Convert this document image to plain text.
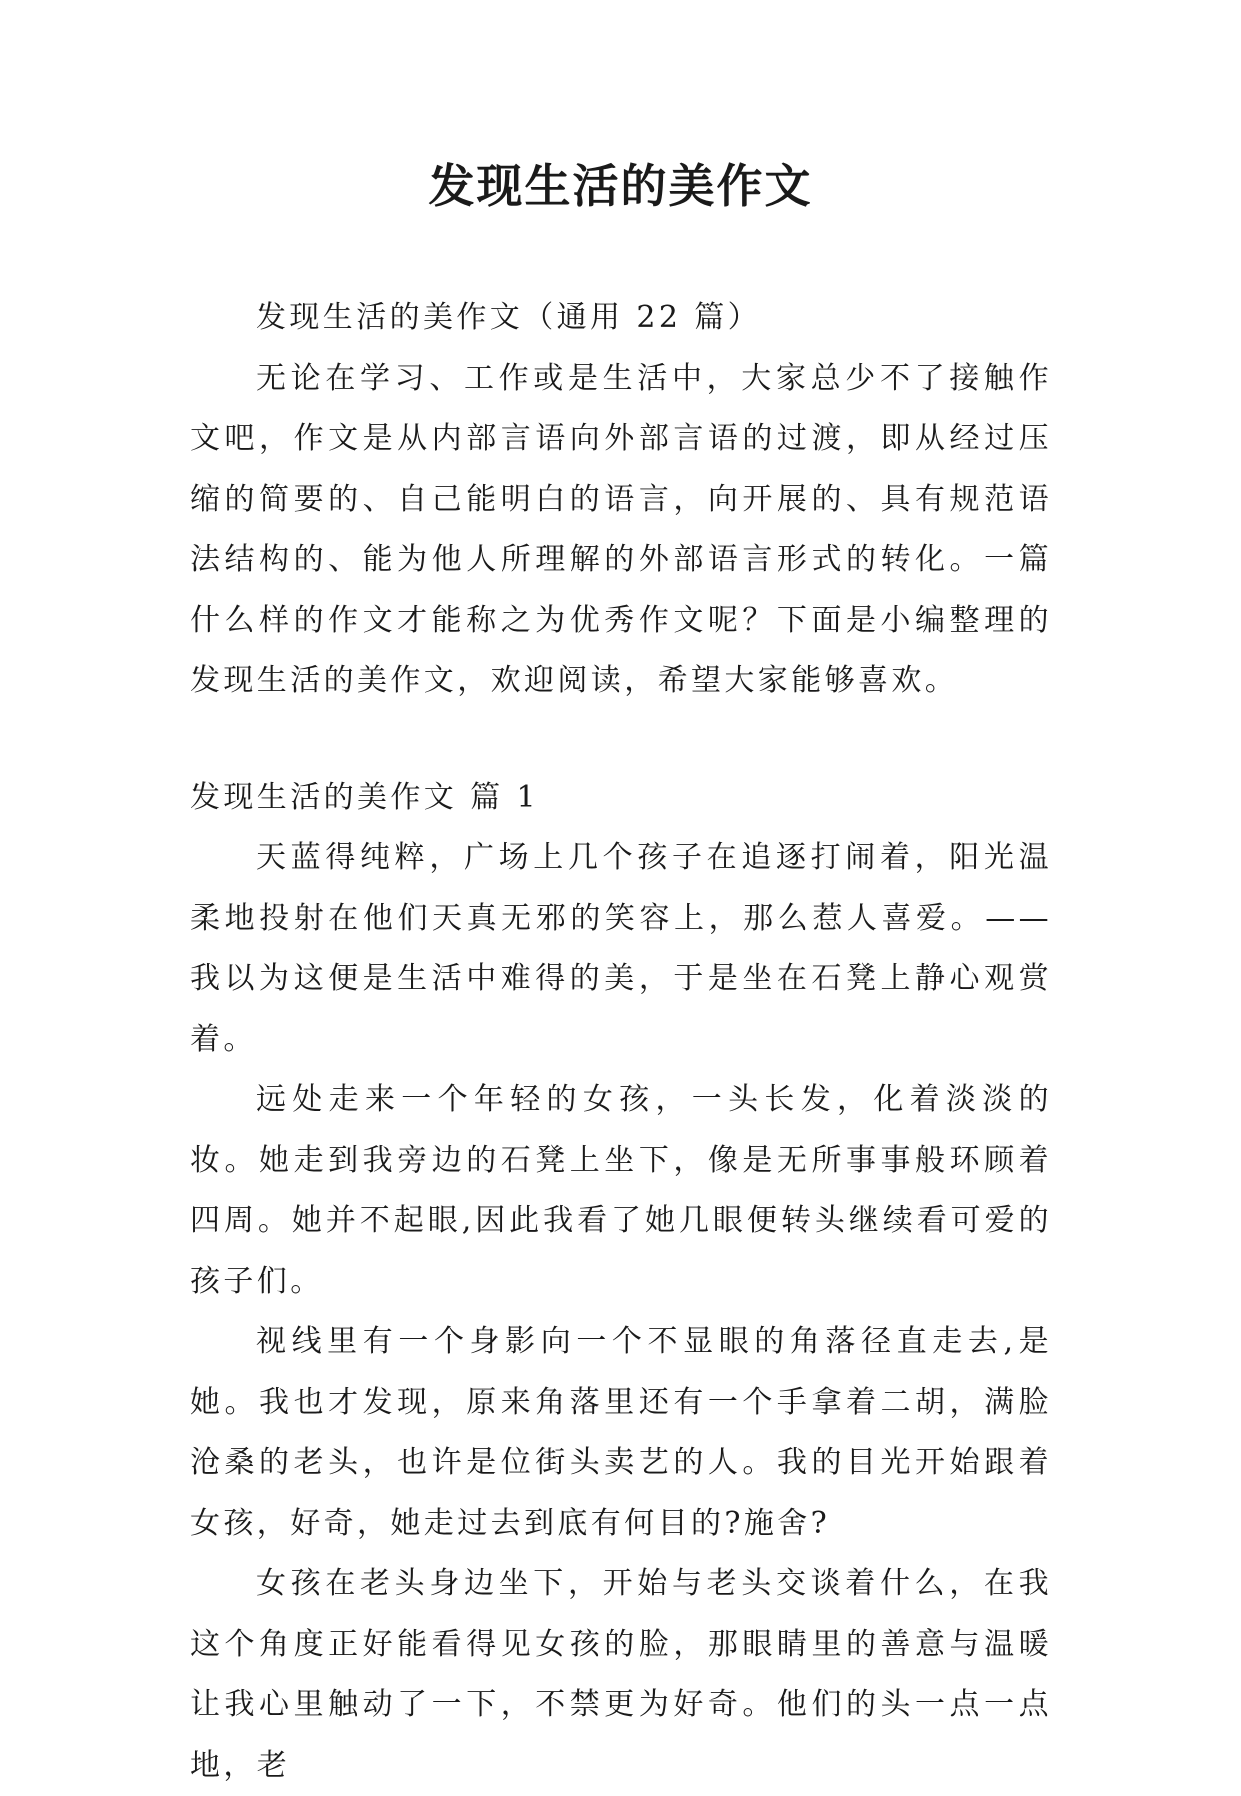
发现生活的美作文

发现生活的美作文（通用 22 篇）

无论在学习、工作或是生活中，大家总少不了接触作文吧，作文是从内部言语向外部言语的过渡，即从经过压缩的简要的、自己能明白的语言，向开展的、具有规范语法结构的、能为他人所理解的外部语言形式的转化。一篇什么样的作文才能称之为优秀作文呢？下面是小编整理的发现生活的美作文，欢迎阅读，希望大家能够喜欢。

发现生活的美作文 篇 1

天蓝得纯粹，广场上几个孩子在追逐打闹着，阳光温柔地投射在他们天真无邪的笑容上，那么惹人喜爱。——我以为这便是生活中难得的美，于是坐在石凳上静心观赏着。

远处走来一个年轻的女孩，一头长发，化着淡淡的妆。她走到我旁边的石凳上坐下，像是无所事事般环顾着四周。她并不起眼,因此我看了她几眼便转头继续看可爱的孩子们。

视线里有一个身影向一个不显眼的角落径直走去,是她。我也才发现，原来角落里还有一个手拿着二胡，满脸沧桑的老头，也许是位街头卖艺的人。我的目光开始跟着女孩，好奇，她走过去到底有何目的?施舍?

女孩在老头身边坐下，开始与老头交谈着什么，在我这个角度正好能看得见女孩的脸，那眼睛里的善意与温暖让我心里触动了一下，不禁更为好奇。他们的头一点一点地，老
